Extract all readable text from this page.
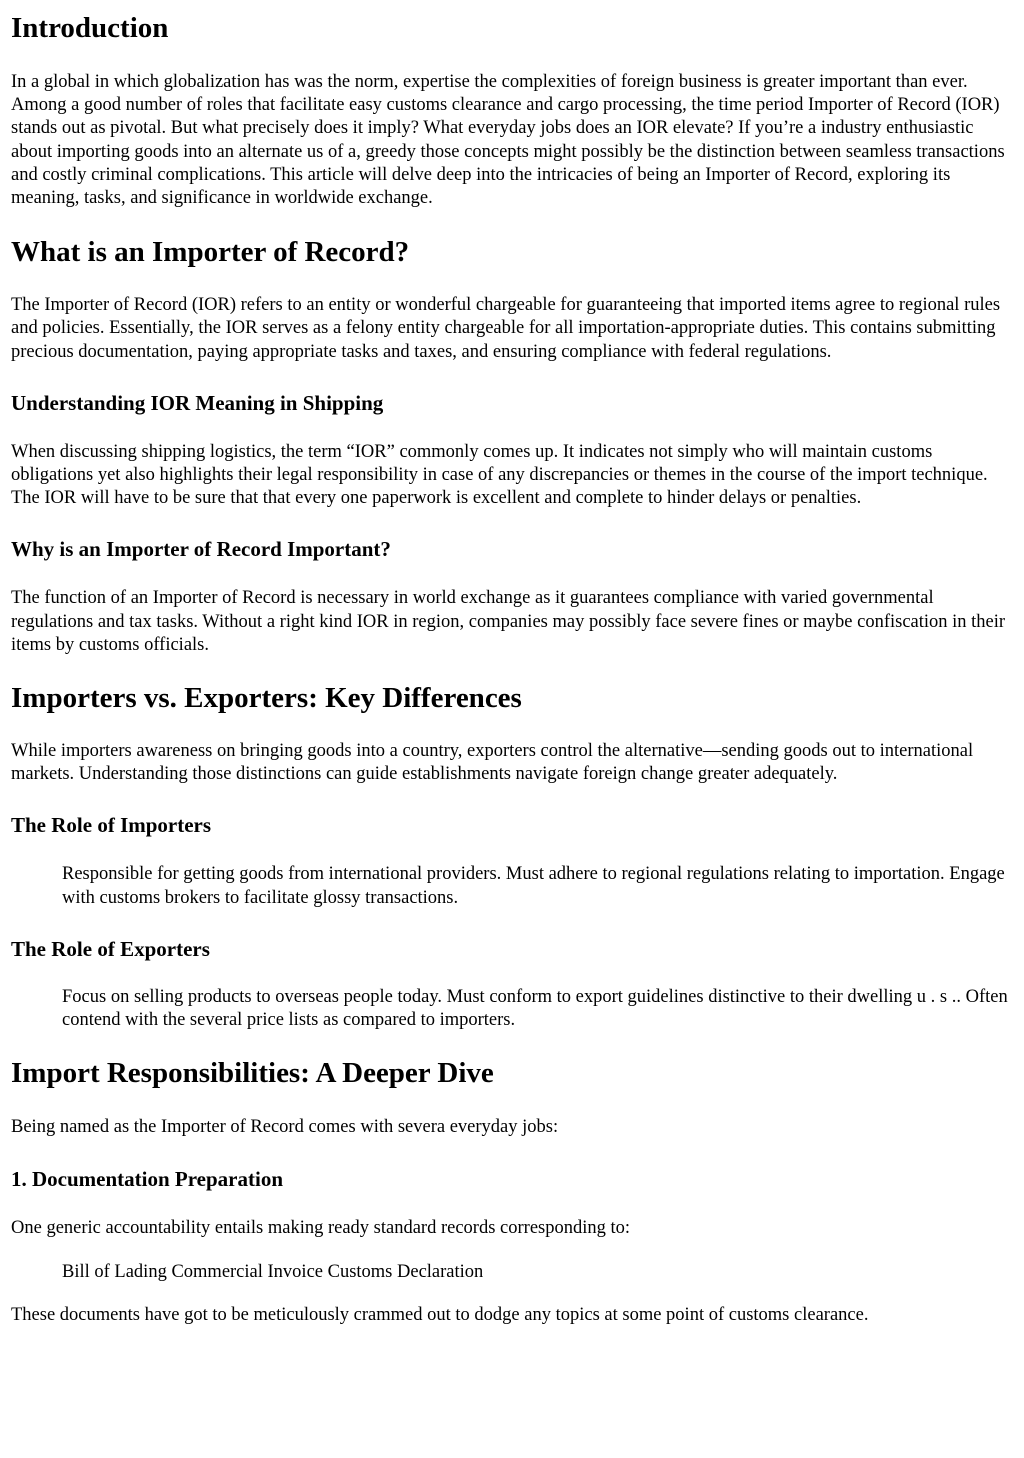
Introduction

In a global in which globalization has was the norm, expertise the complexities of foreign business is greater important than ever. Among a good number of roles that facilitate easy customs clearance and cargo processing, the time period Importer of Record (IOR) stands out as pivotal. But what precisely does it imply? What everyday jobs does an IOR elevate? If you’re a industry enthusiastic about importing goods into an alternate us of a, greedy those concepts might possibly be the distinction between seamless transactions and costly criminal complications. This article will delve deep into the intricacies of being an Importer of Record, exploring its meaning, tasks, and significance in worldwide exchange.

What is an Importer of Record?

The Importer of Record (IOR) refers to an entity or wonderful chargeable for guaranteeing that imported items agree to regional rules and policies. Essentially, the IOR serves as a felony entity chargeable for all importation-appropriate duties. This contains submitting precious documentation, paying appropriate tasks and taxes, and ensuring compliance with federal regulations.

Understanding IOR Meaning in Shipping

When discussing shipping logistics, the term “IOR” commonly comes up. It indicates not simply who will maintain customs obligations yet also highlights their legal responsibility in case of any discrepancies or themes in the course of the import technique. The IOR will have to be sure that that every one paperwork is excellent and complete to hinder delays or penalties.

Why is an Importer of Record Important?

The function of an Importer of Record is necessary in world exchange as it guarantees compliance with varied governmental regulations and tax tasks. Without a right kind IOR in region, companies may possibly face severe fines or maybe confiscation in their items by customs officials.

Importers vs. Exporters: Key Differences

While importers awareness on bringing goods into a country, exporters control the alternative—sending goods out to international markets. Understanding those distinctions can guide establishments navigate foreign change greater adequately.

The Role of Importers

Responsible for getting goods from international providers. Must adhere to regional regulations relating to importation. Engage with customs brokers to facilitate glossy transactions.

The Role of Exporters

Focus on selling products to overseas people today. Must conform to export guidelines distinctive to their dwelling u . s .. Often contend with the several price lists as compared to importers.

Import Responsibilities: A Deeper Dive

Being named as the Importer of Record comes with severa everyday jobs:

1. Documentation Preparation

One generic accountability entails making ready standard records corresponding to:

Bill of Lading Commercial Invoice Customs Declaration

These documents have got to be meticulously crammed out to dodge any topics at some point of customs clearance.
